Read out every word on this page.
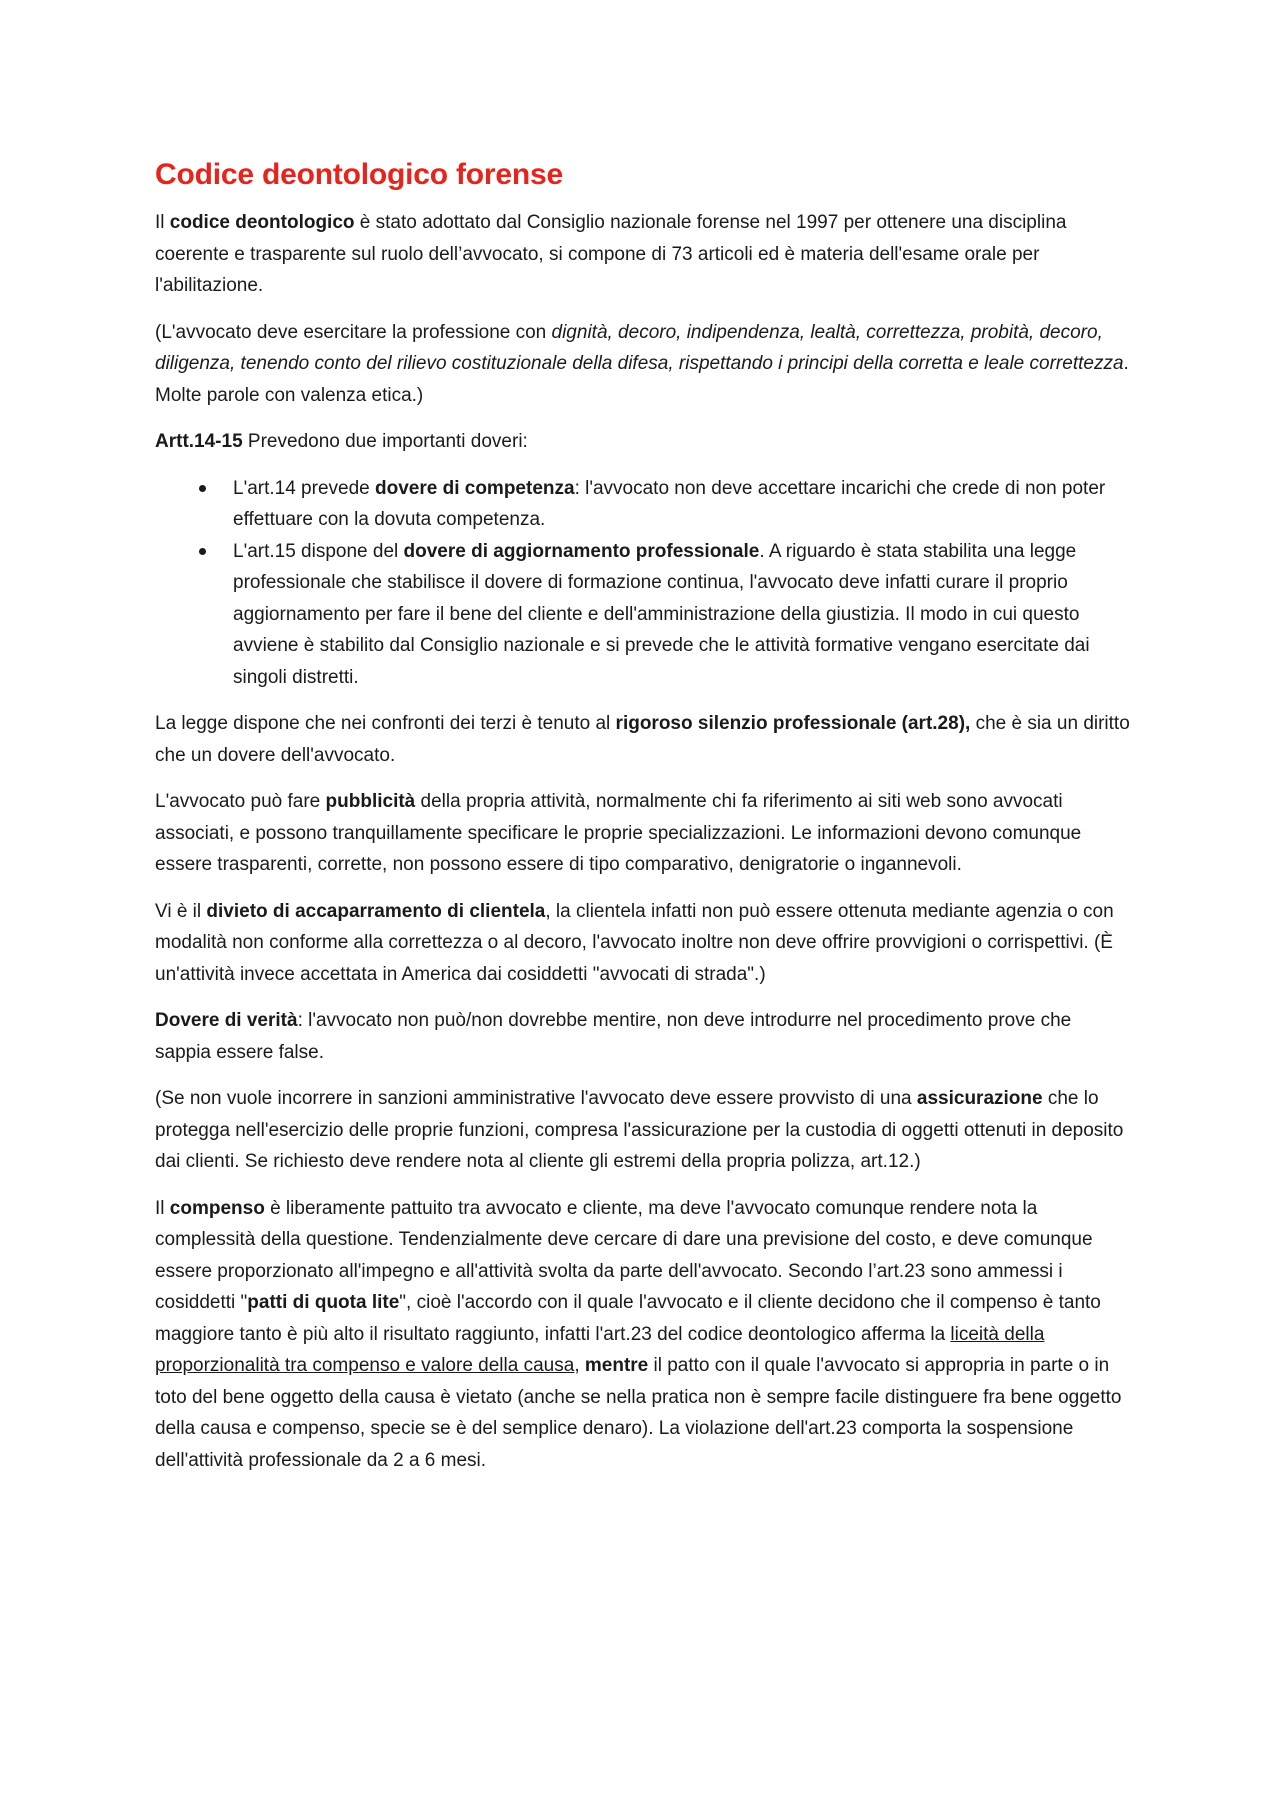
Codice deontologico forense

Il codice deontologico è stato adottato dal Consiglio nazionale forense nel 1997 per ottenere una disciplina coerente e trasparente sul ruolo dell’avvocato, si compone di 73 articoli ed è materia dell'esame orale per l'abilitazione.

(L'avvocato deve esercitare la professione con dignità, decoro, indipendenza, lealtà, correttezza, probità, decoro, diligenza, tenendo conto del rilievo costituzionale della difesa, rispettando i principi della corretta e leale correttezza. Molte parole con valenza etica.)

Artt.14-15 Prevedono due importanti doveri:

L'art.14 prevede dovere di competenza: l'avvocato non deve accettare incarichi che crede di non poter effettuare con la dovuta competenza.
L'art.15 dispone del dovere di aggiornamento professionale. A riguardo è stata stabilita una legge professionale che stabilisce il dovere di formazione continua, l'avvocato deve infatti curare il proprio aggiornamento per fare il bene del cliente e dell'amministrazione della giustizia. Il modo in cui questo avviene è stabilito dal Consiglio nazionale e si prevede che le attività formative vengano esercitate dai singoli distretti.

La legge dispone che nei confronti dei terzi è tenuto al rigoroso silenzio professionale (art.28), che è sia un diritto che un dovere dell'avvocato.

L'avvocato può fare pubblicità della propria attività, normalmente chi fa riferimento ai siti web sono avvocati associati, e possono tranquillamente specificare le proprie specializzazioni. Le informazioni devono comunque essere trasparenti, corrette, non possono essere di tipo comparativo, denigratorie o ingannevoli.

Vi è il divieto di accaparramento di clientela, la clientela infatti non può essere ottenuta mediante agenzia o con modalità non conforme alla correttezza o al decoro, l'avvocato inoltre non deve offrire provvigioni o corrispettivi. (È un'attività invece accettata in America dai cosiddetti "avvocati di strada".)

Dovere di verità: l'avvocato non può/non dovrebbe mentire, non deve introdurre nel procedimento prove che sappia essere false.

(Se non vuole incorrere in sanzioni amministrative l'avvocato deve essere provvisto di una assicurazione che lo protegga nell'esercizio delle proprie funzioni, compresa l'assicurazione per la custodia di oggetti ottenuti in deposito dai clienti. Se richiesto deve rendere nota al cliente gli estremi della propria polizza, art.12.)

Il compenso è liberamente pattuito tra avvocato e cliente, ma deve l'avvocato comunque rendere nota la complessità della questione. Tendenzialmente deve cercare di dare una previsione del costo, e deve comunque essere proporzionato all'impegno e all'attività svolta da parte dell'avvocato. Secondo l’art.23 sono ammessi i cosiddetti "patti di quota lite", cioè l'accordo con il quale l'avvocato e il cliente decidono che il compenso è tanto maggiore tanto è più alto il risultato raggiunto, infatti l'art.23 del codice deontologico afferma la liceità della proporzionalità tra compenso e valore della causa, mentre il patto con il quale l'avvocato si appropria in parte o in toto del bene oggetto della causa è vietato (anche se nella pratica non è sempre facile distinguere fra bene oggetto della causa e compenso, specie se è del semplice denaro). La violazione dell'art.23 comporta la sospensione dell'attività professionale da 2 a 6 mesi.
